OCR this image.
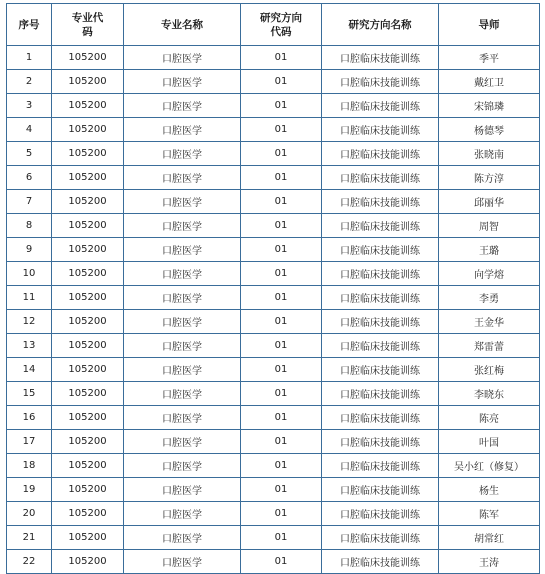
序号	专业代码	专业名称	研究方向代码	研究方向名称	导师
1	105200	口腔医学	01	口腔临床技能训练	季平
2	105200	口腔医学	01	口腔临床技能训练	戴红卫
3	105200	口腔医学	01	口腔临床技能训练	宋锦璘
4	105200	口腔医学	01	口腔临床技能训练	杨德琴
5	105200	口腔医学	01	口腔临床技能训练	张晓南
6	105200	口腔医学	01	口腔临床技能训练	陈方淳
7	105200	口腔医学	01	口腔临床技能训练	邱丽华
8	105200	口腔医学	01	口腔临床技能训练	周智
9	105200	口腔医学	01	口腔临床技能训练	王璐
10	105200	口腔医学	01	口腔临床技能训练	向学熔
11	105200	口腔医学	01	口腔临床技能训练	李勇
12	105200	口腔医学	01	口腔临床技能训练	王金华
13	105200	口腔医学	01	口腔临床技能训练	郑雷蕾
14	105200	口腔医学	01	口腔临床技能训练	张红梅
15	105200	口腔医学	01	口腔临床技能训练	李晓东
16	105200	口腔医学	01	口腔临床技能训练	陈亮
17	105200	口腔医学	01	口腔临床技能训练	叶国
18	105200	口腔医学	01	口腔临床技能训练	吴小红（修复）
19	105200	口腔医学	01	口腔临床技能训练	杨生
20	105200	口腔医学	01	口腔临床技能训练	陈军
21	105200	口腔医学	01	口腔临床技能训练	胡常红
22	105200	口腔医学	01	口腔临床技能训练	王涛
